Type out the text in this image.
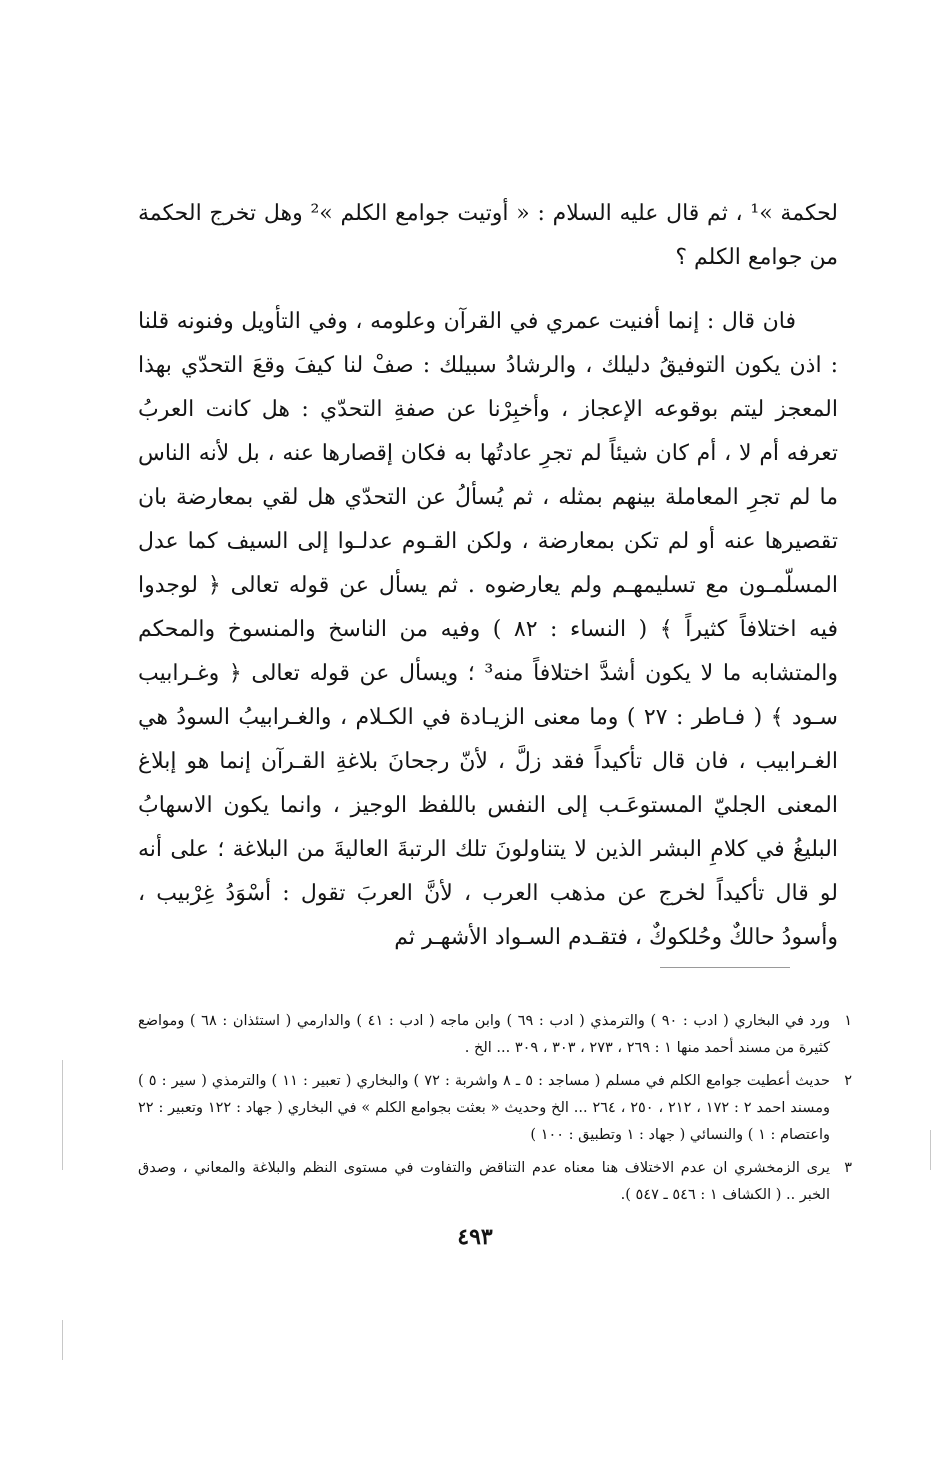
لحكمة »¹ ، ثم قال عليه السلام : « أوتيت جوامع الكلم »² وهل تخرج الحكمة من جوامع الكلم ؟

فان قال : إنما أفنيت عمري في القرآن وعلومه ، وفي التأويل وفنونه قلنا : اذن يكون التوفيقُ دليلك ، والرشادُ سبيلك : صفْ لنا كيفَ وقعَ التحدّي بهذا المعجز ليتم بوقوعه الإعجاز ، وأخبِرْنا عن صفةِ التحدّي : هل كانت العربُ تعرفه أم لا ، أم كان شيئاً لم تجرِ عادتُها به فكان إقصارها عنه ، بل لأنه الناس ما لم تجرِ المعاملة بينهم بمثله ، ثم يُسألُ عن التحدّي هل لقي بمعارضة بان تقصيرها عنه أو لم تكن بمعارضة ، ولكن القـوم عدلـوا إلى السيف كما عدل المسلّمـون مع تسليمهـم ولم يعارضوه . ثم يسأل عن قوله تعالى ﴿ لوجدوا فيه اختلافاً كثيراً ﴾ ( النساء : ٨٢ ) وفيه من الناسخ والمنسوخ والمحكم والمتشابه ما لا يكون أشدَّ اختلافاً منه³ ؛ ويسأل عن قوله تعالى ﴿ وغـرابيب سـود ﴾ ( فـاطر : ٢٧ ) وما معنى الزيـادة في الكـلام ، والغـرابيبُ السودُ هي الغـرابيب ، فان قال تأكيداً فقد زلَّ ، لأنّ رجحانَ بلاغةِ القـرآن إنما هو إبلاغ المعنى الجليّ المستوعَـب إلى النفس باللفظ الوجيز ، وانما يكون الاسهابُ البليغُ في كلامِ البشر الذين لا يتناولونَ تلك الرتبةَ العاليةَ من البلاغة ؛ على أنه لو قال تأكيداً لخرج عن مذهب العرب ، لأنَّ العربَ تقول : أسْوَدُ غِرْبيب ، وأسودُ حالكٌ وحُلكوكٌ ، فتقـدم السـواد الأشهـر ثم

١
ورد في البخاري ( ادب : ٩٠ ) والترمذي ( ادب : ٦٩ ) وابن ماجه ( ادب : ٤١ ) والدارمي ( استئذان : ٦٨ ) ومواضع كثيرة من مسند أحمد منها ١ : ٢٦٩ ، ٢٧٣ ، ٣٠٣ ، ٣٠٩ ... الخ .
٢
حديث أعطيت جوامع الكلم في مسلم ( مساجد : ٥ ـ ٨ واشربة : ٧٢ ) والبخاري ( تعبير : ١١ ) والترمذي ( سير : ٥ ) ومسند احمد ٢ : ١٧٢ ، ٢١٢ ، ٢٥٠ ، ٢٦٤ ... الخ وحديث « بعثت بجوامع الكلم » في البخاري ( جهاد : ١٢٢ وتعبير : ٢٢ واعتصام : ١ ) والنسائي ( جهاد : ١ وتطبيق : ١٠٠ )
٣
يرى الزمخشري ان عدم الاختلاف هنا معناه عدم التناقض والتفاوت في مستوى النظم والبلاغة والمعاني ، وصدق الخبر .. ( الكشاف ١ : ٥٤٦ ـ ٥٤٧ ).
٤٩٣
